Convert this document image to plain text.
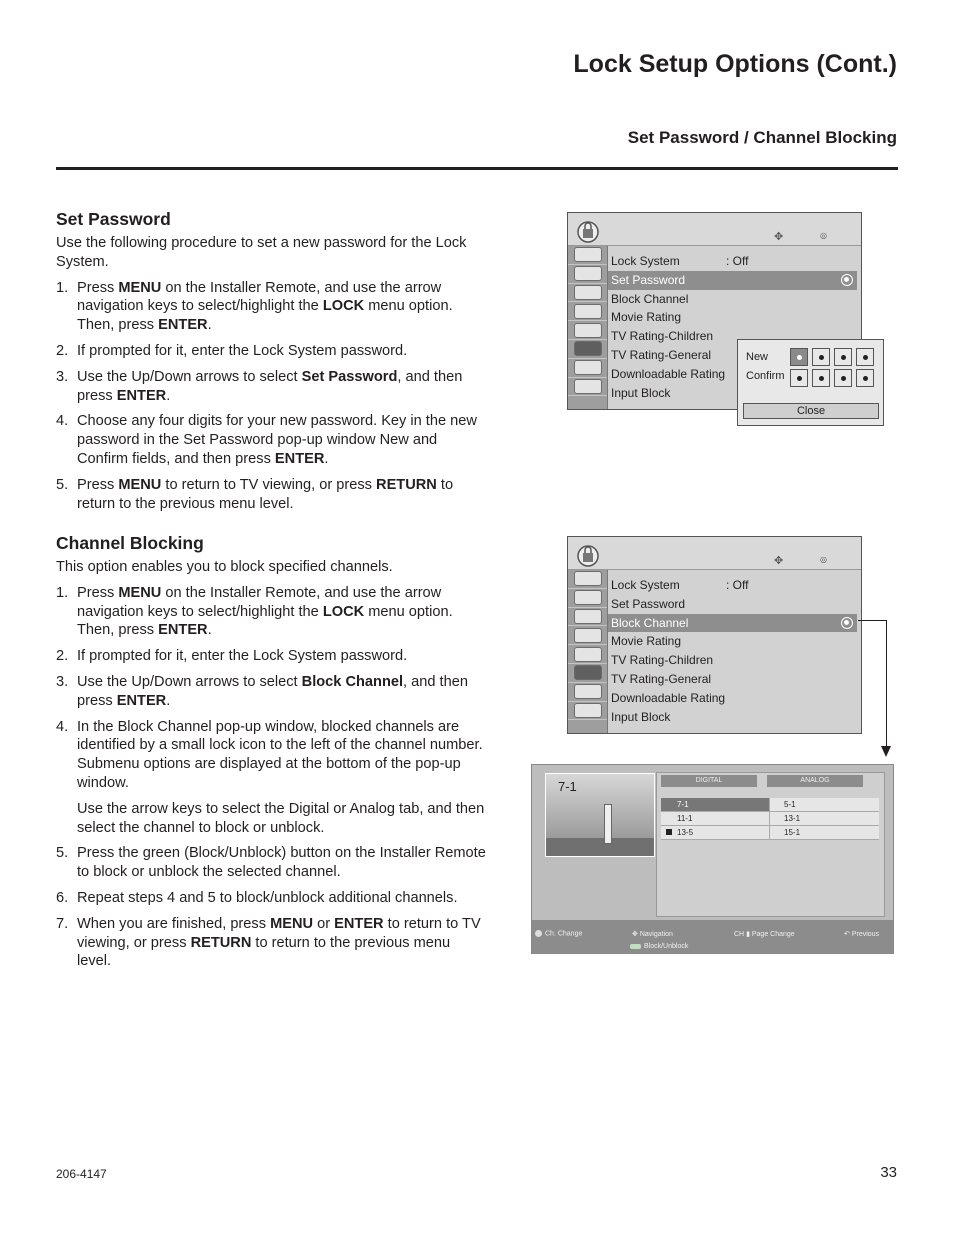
Lock Setup Options (Cont.)
Set Password / Channel Blocking
Set Password

Use the following procedure to set a new password for the Lock System.

1. Press MENU on the Installer Remote, and use the arrow navigation keys to select/highlight the LOCK menu option. Then, press ENTER.
2. If prompted for it, enter the Lock System password.
3. Use the Up/Down arrows to select Set Password, and then press ENTER.
4. Choose any four digits for your new password. Key in the new password in the Set Password pop-up window New and Confirm fields, and then press ENTER.
5. Press MENU to return to TV viewing, or press RETURN to return to the previous menu level.
Channel Blocking

This option enables you to block specified channels.

1. Press MENU on the Installer Remote, and use the arrow navigation keys to select/highlight the LOCK menu option. Then, press ENTER.
2. If prompted for it, enter the Lock System password.
3. Use the Up/Down arrows to select Block Channel, and then press ENTER.
4. In the Block Channel pop-up window, blocked channels are identified by a small lock icon to the left of the channel number. Submenu options are displayed at the bottom of the pop-up window.
Use the arrow keys to select the Digital or Analog tab, and then select the channel to block or unblock.
5. Press the green (Block/Unblock) button on the Installer Remote to block or unblock the selected channel.
6. Repeat steps 4 and 5 to block/unblock additional channels.
7. When you are finished, press MENU or ENTER to return to TV viewing, or press RETURN to return to the previous menu level.
✥	◎
Lock System	: Off
Set Password
Block Channel
Movie Rating
TV Rating-Children
TV Rating-General
Downloadable Rating
Input Block
New
Confirm
Close
✥	◎
Lock System	: Off
Set Password
Block Channel
Movie Rating
TV Rating-Children
TV Rating-General
Downloadable Rating
Input Block
7-1	DIGITAL	ANALOG
7-1	5-1
11-1	13-1
13-5	15-1
Ch. Change	✥ Navigation	CH ▮ Page Change	↶ Previous
Block/Unblock
206-4147	33
